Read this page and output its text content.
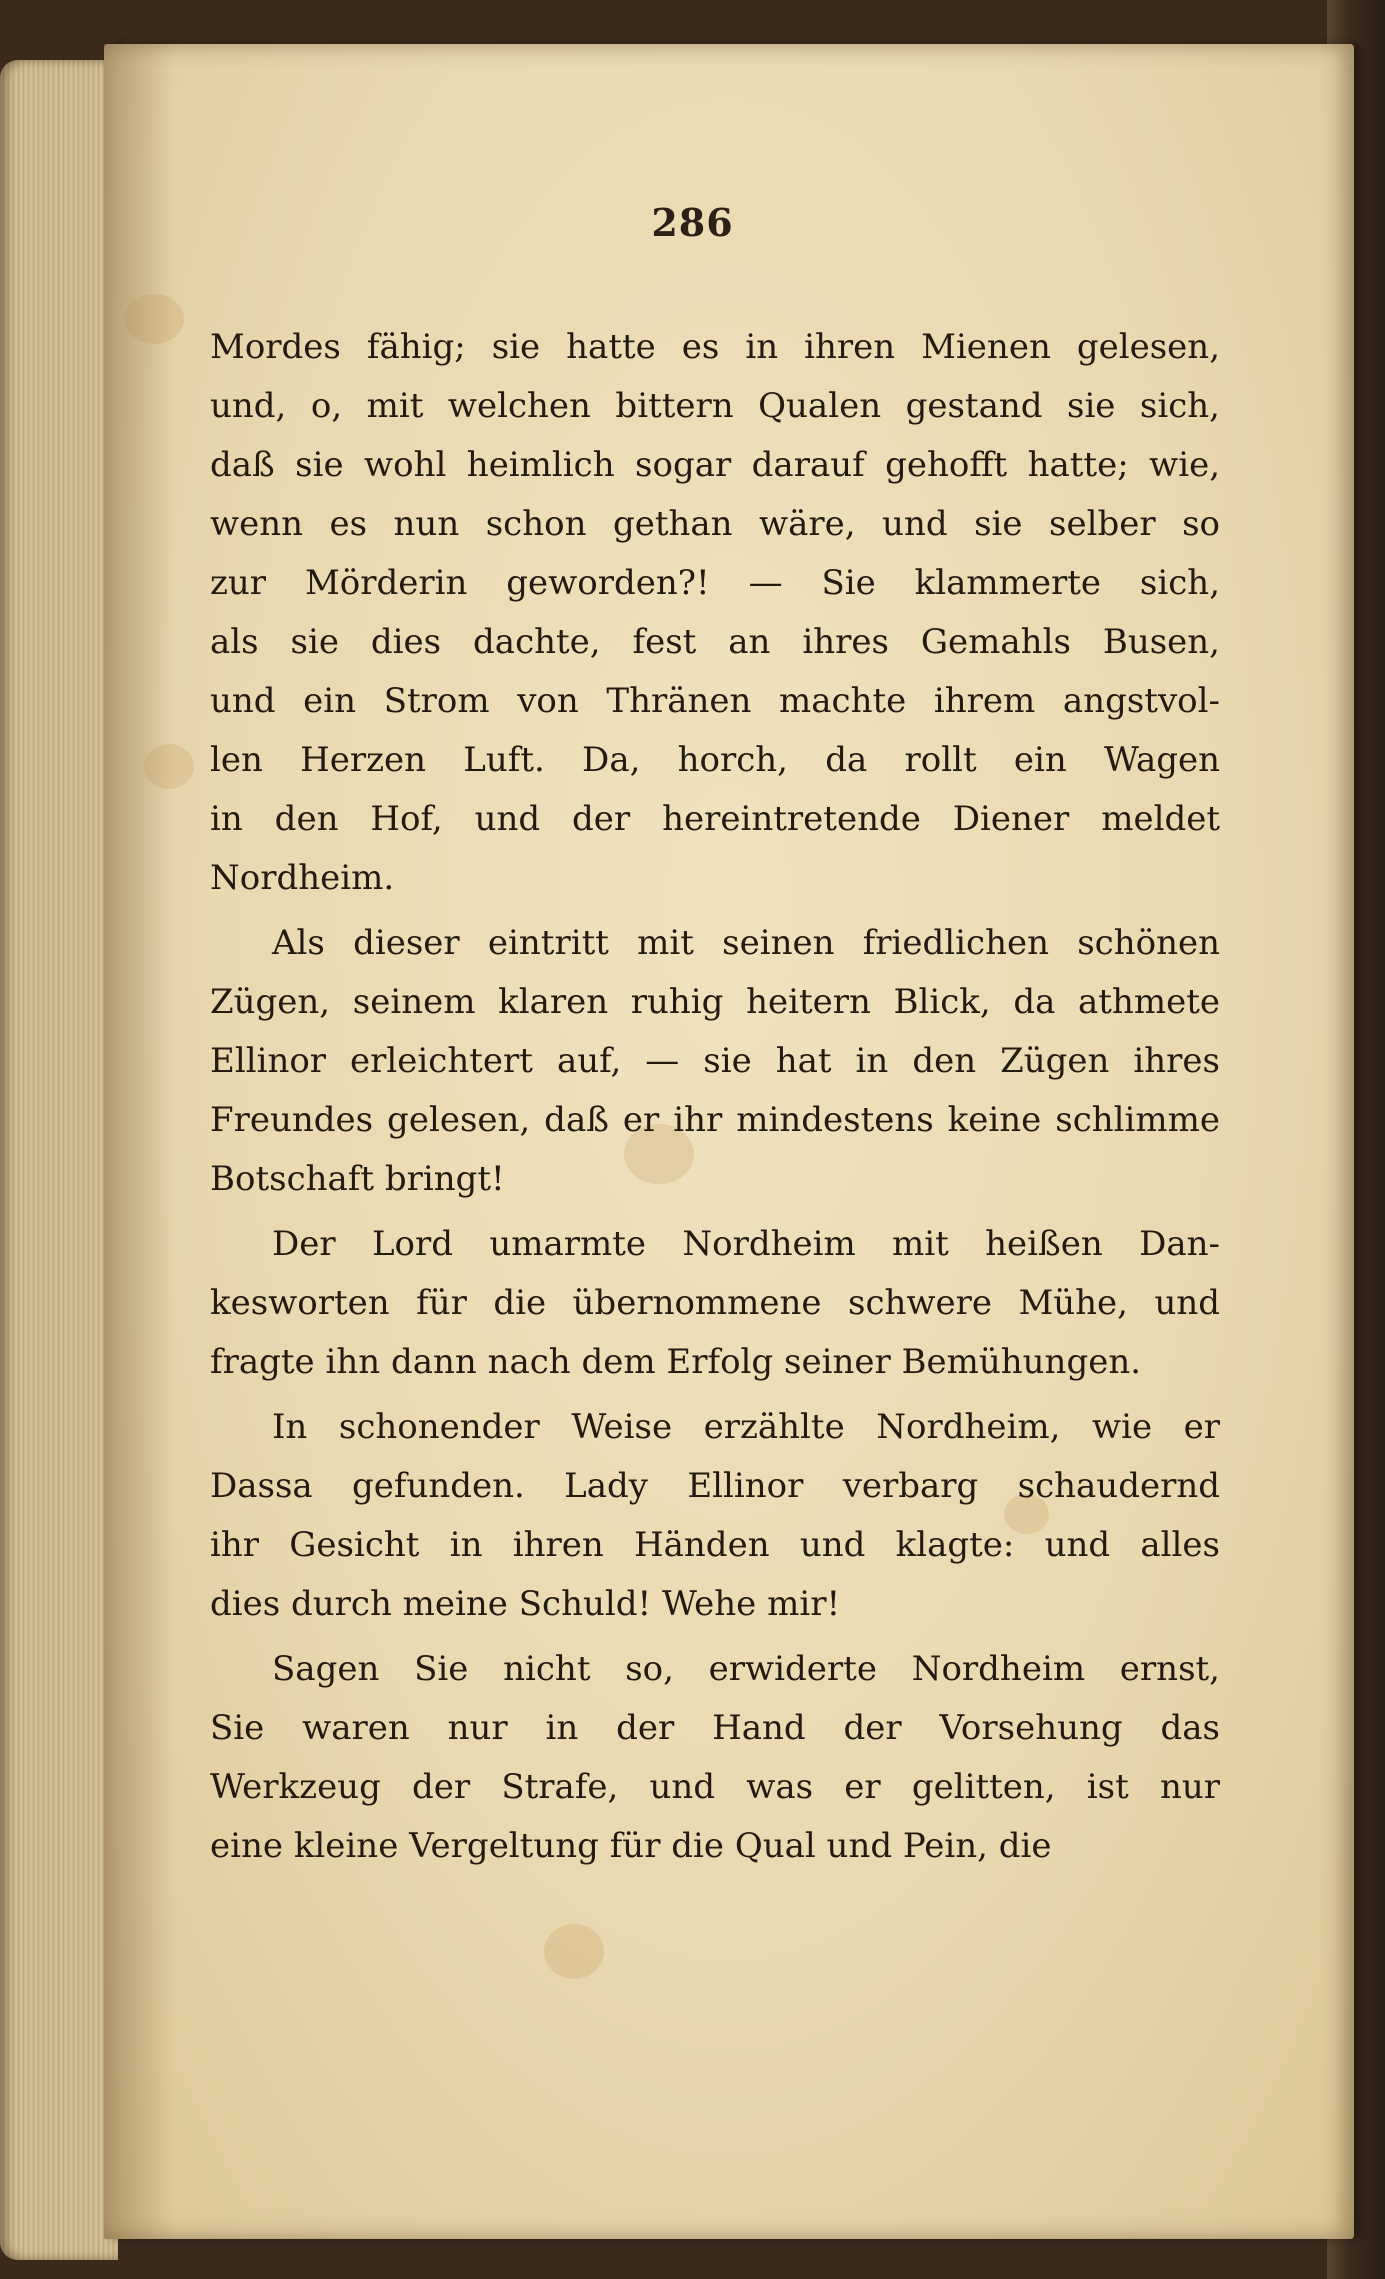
286
Mordes fähig; sie hatte es in ihren Mienen gelesen,
und, o, mit welchen bittern Qualen gestand sie sich,
daß sie wohl heimlich sogar darauf gehofft hatte; wie,
wenn es nun schon gethan wäre, und sie selber so
zur Mörderin geworden?! — Sie klammerte sich,
als sie dies dachte, fest an ihres Gemahls Busen,
und ein Strom von Thränen machte ihrem angstvol-
len Herzen Luft. Da, horch, da rollt ein Wagen
in den Hof, und der hereintretende Diener meldet
Nordheim.
Als dieser eintritt mit seinen friedlichen schönen
Zügen, seinem klaren ruhig heitern Blick, da athmete
Ellinor erleichtert auf, — sie hat in den Zügen ihres
Freundes gelesen, daß er ihr mindestens keine schlimme
Botschaft bringt!
Der Lord umarmte Nordheim mit heißen Dan-
kesworten für die übernommene schwere Mühe, und
fragte ihn dann nach dem Erfolg seiner Bemühungen.
In schonender Weise erzählte Nordheim, wie er
Dassa gefunden. Lady Ellinor verbarg schaudernd
ihr Gesicht in ihren Händen und klagte: und alles
dies durch meine Schuld! Wehe mir!
Sagen Sie nicht so, erwiderte Nordheim ernst,
Sie waren nur in der Hand der Vorsehung das
Werkzeug der Strafe, und was er gelitten, ist nur
eine kleine Vergeltung für die Qual und Pein, die
